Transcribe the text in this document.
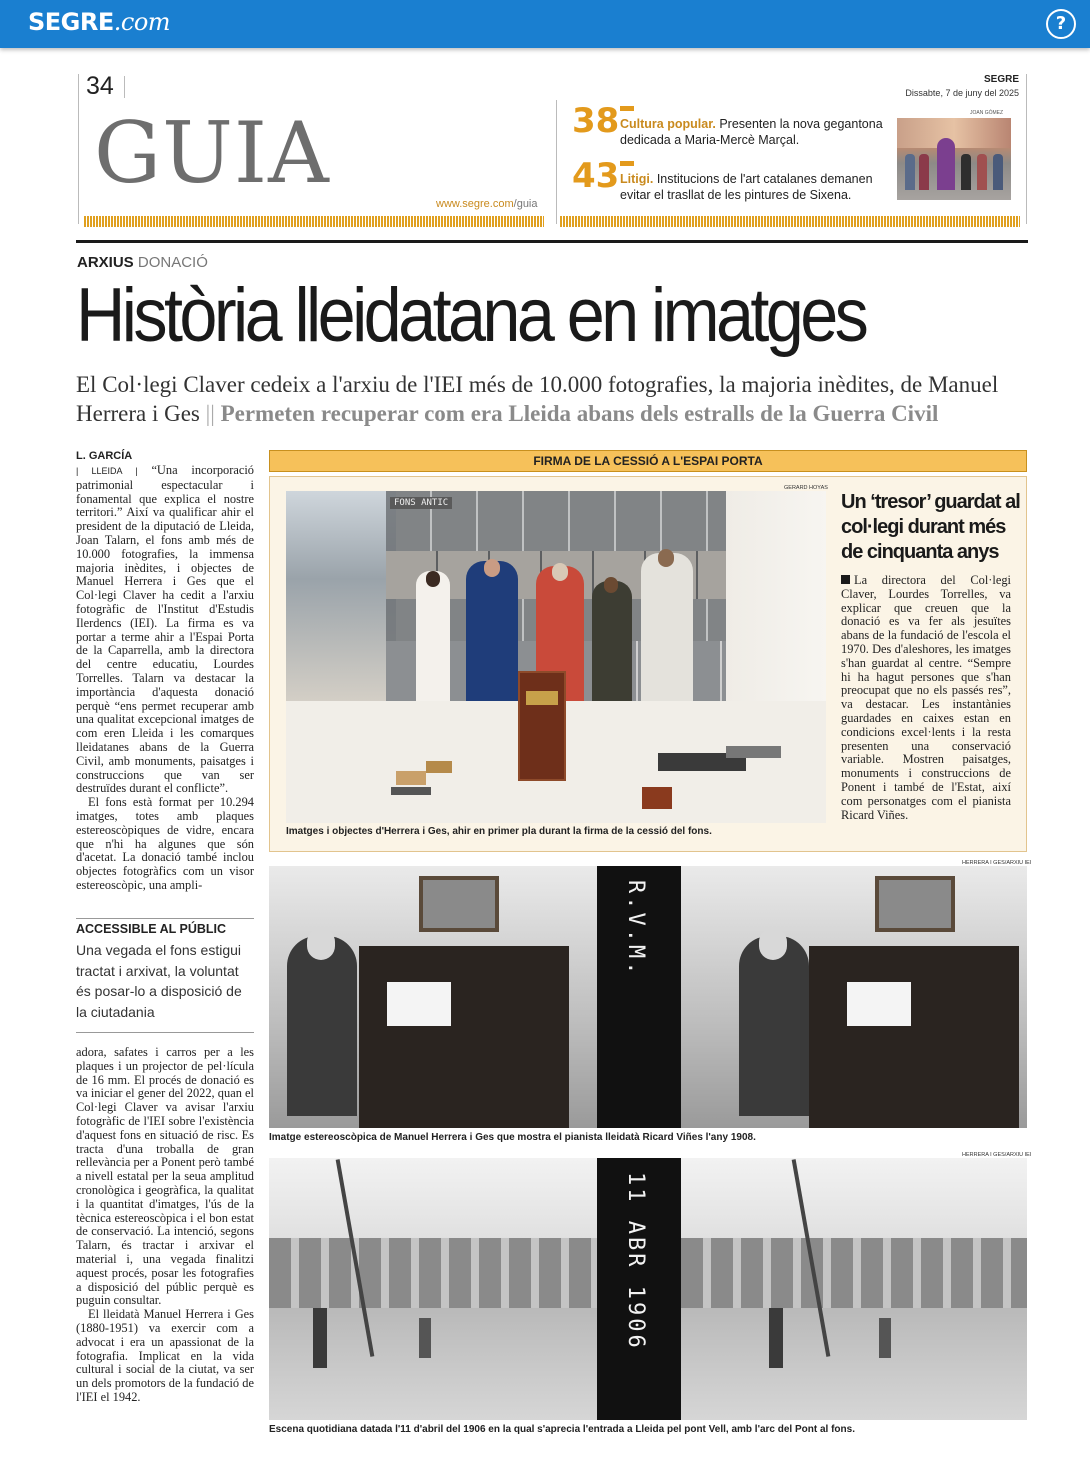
SEGRE.com	?
34
GUIA
www.segre.com/guia
SEGRE
Dissabte, 7 de juny del 2025
38 Cultura popular. Presenten la nova gegantona dedicada a Maria-Mercè Marçal.
43 Litigi. Institucions de l'art catalanes demanen evitar el trasllat de les pintures de Sixena.
JOAN GÓMEZ
ARXIUS DONACIÓ
Història lleidatana en imatges
El Col·legi Claver cedeix a l'arxiu de l'IEI més de 10.000 fotografies, la majoria inèdites, de Manuel Herrera i Ges || Permeten recuperar com era Lleida abans dels estralls de la Guerra Civil
L. GARCÍA

| LLEIDA | “Una incorporació patrimonial espectacular i fonamental que explica el nostre territori.” Així va qualificar ahir el president de la diputació de Lleida, Joan Talarn, el fons amb més de 10.000 fotografies, la immensa majoria inèdites, i objectes de Manuel Herrera i Ges que el Col·legi Claver ha cedit a l'arxiu fotogràfic de l'Institut d'Estudis Ilerdencs (IEI). La firma es va portar a terme ahir a l'Espai Porta de la Caparrella, amb la directora del centre educatiu, Lourdes Torrelles. Talarn va destacar la importància d'aquesta donació perquè “ens permet recuperar amb una qualitat excepcional imatges de com eren Lleida i les comarques lleidatanes abans de la Guerra Civil, amb monuments, paisatges i construccions que van ser destruïdes durant el conflicte”.

El fons està format per 10.294 imatges, totes amb plaques estereoscòpiques de vidre, encara que n'hi ha algunes que són d'acetat. La donació també inclou objectes fotogràfics com un visor estereoscòpic, una ampli-

ACCESSIBLE AL PÚBLIC
Una vegada el fons estigui tractat i arxivat, la voluntat és posar-lo a disposició de la ciutadania

adora, safates i carros per a les plaques i un projector de pel·lícula de 16 mm. El procés de donació es va iniciar el gener del 2022, quan el Col·legi Claver va avisar l'arxiu fotogràfic de l'IEI sobre l'existència d'aquest fons en situació de risc. Es tracta d'una troballa de gran rellevància per a Ponent però també a nivell estatal per la seua amplitud cronològica i geogràfica, la qualitat i la quantitat d'imatges, l'ús de la tècnica estereoscòpica i el bon estat de conservació. La intenció, segons Talarn, és tractar i arxivar el material i, una vegada finalitzi aquest procés, posar les fotografies a disposició del públic perquè es puguin consultar.

El lleidatà Manuel Herrera i Ges (1880-1951) va exercir com a advocat i era un apassionat de la fotografia. Implicat en la vida cultural i social de la ciutat, va ser un dels promotors de la fundació de l'IEI el 1942.

FIRMA DE LA CESSIÓ A L'ESPAI PORTA
GERARD HOYAS
FONS ANTIC
Imatges i objectes d'Herrera i Ges, ahir en primer pla durant la firma de la cessió del fons.
Un ‘tresor’ guardat al col·legi durant més de cinquanta anys
La directora del Col·legi Claver, Lourdes Torrelles, va explicar que creuen que la donació es va fer als jesuïtes abans de la fundació de l'escola el 1970. Des d'aleshores, les imatges s'han guardat al centre. “Sempre hi ha hagut persones que s'han preocupat que no els passés res”, va destacar. Les instantànies guardades en caixes estan en condicions excel·lents i la resta presenten una conservació variable. Mostren paisatges, monuments i construccions de Ponent i també de l'Estat, així com personatges com el pianista Ricard Viñes.
HERRERA I GES/ARXIU IEI
R.V.M.
Imatge estereoscòpica de Manuel Herrera i Ges que mostra el pianista lleidatà Ricard Viñes l'any 1908.
HERRERA I GES/ARXIU IEI
11 ABR 1906
Escena quotidiana datada l'11 d'abril del 1906 en la qual s'aprecia l'entrada a Lleida pel pont Vell, amb l'arc del Pont al fons.
